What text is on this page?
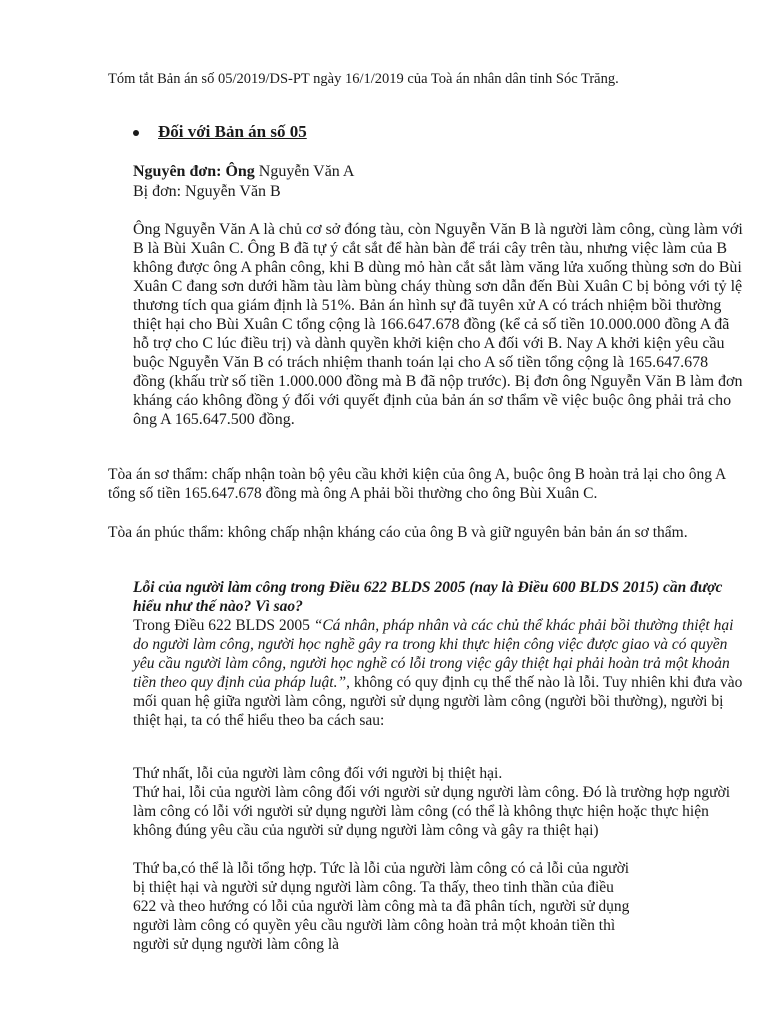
Tóm tắt Bản án số 05/2019/DS-PT ngày 16/1/2019 của Toà án nhân dân tỉnh Sóc Trăng.

Đối với Bản án số 05

Nguyên đơn: Ông Nguyễn Văn A

Bị đơn: Nguyễn Văn B

Ông Nguyễn Văn A là chủ cơ sở đóng tàu, còn Nguyễn Văn B là người làm công, cùng làm với B là Bùi Xuân C. Ông B đã tự ý cắt sắt để hàn bàn để trái cây trên tàu, nhưng việc làm của B không được ông A phân công, khi B dùng mỏ hàn cắt sắt làm văng lửa xuống thùng sơn do Bùi Xuân C đang sơn dưới hầm tàu làm bùng cháy thùng sơn dẫn đến Bùi Xuân C bị bỏng với tỷ lệ thương tích qua giám định là 51%. Bản án hình sự đã tuyên xử A có trách nhiệm bồi thường thiệt hại cho Bùi Xuân C tổng cộng là 166.647.678 đồng (kể cả số tiền 10.000.000 đồng A đã hỗ trợ cho C lúc điều trị) và dành quyền khởi kiện cho A đối với B. Nay A khởi kiện yêu cầu buộc Nguyễn Văn B có trách nhiệm thanh toán lại cho A số tiền tổng cộng là 165.647.678 đồng (khấu trừ số tiền 1.000.000 đồng mà B đã nộp trước). Bị đơn ông Nguyễn Văn B làm đơn kháng cáo không đồng ý đối với quyết định của bản án sơ thẩm về việc buộc ông phải trả cho ông A 165.647.500 đồng.

Tòa án sơ thẩm: chấp nhận toàn bộ yêu cầu khởi kiện của ông A, buộc ông B hoàn trả lại cho ông A tổng số tiền 165.647.678 đồng mà ông A phải bồi thường cho ông Bùi Xuân C.

Tòa án phúc thẩm: không chấp nhận kháng cáo của ông B và giữ nguyên bản bản án sơ thẩm.

Lỗi của người làm công trong Điều 622 BLDS 2005 (nay là Điều 600 BLDS 2015) cần được hiểu như thế nào? Vì sao?

Trong Điều 622 BLDS 2005 “Cá nhân, pháp nhân và các chủ thể khác phải bồi thường thiệt hại do người làm công, người học nghề gây ra trong khi thực hiện công việc được giao và có quyền yêu cầu người làm công, người học nghề có lỗi trong việc gây thiệt hại phải hoàn trả một khoản tiền theo quy định của pháp luật.”, không có quy định cụ thể thế nào là lỗi. Tuy nhiên khi đưa vào mối quan hệ giữa người làm công, người sử dụng người làm công (người bồi thường), người bị thiệt hại, ta có thể hiểu theo ba cách sau:

Thứ nhất, lỗi của người làm công đối với người bị thiệt hại.

Thứ hai, lỗi của người làm công đối với người sử dụng người làm công. Đó là trường hợp người làm công có lỗi với người sử dụng người làm công (có thể là không thực hiện hoặc thực hiện không đúng yêu cầu của người sử dụng người làm công và gây ra thiệt hại)

Thứ ba,có thể là lỗi tổng hợp. Tức là lỗi của người làm công có cả lỗi của người bị thiệt hại và người sử dụng người làm công. Ta thấy, theo tinh thần của điều 622 và theo hướng có lỗi của người làm công mà ta đã phân tích, người sử dụng người làm công có quyền yêu cầu người làm công hoàn trả một khoản tiền thì người sử dụng người làm công là
